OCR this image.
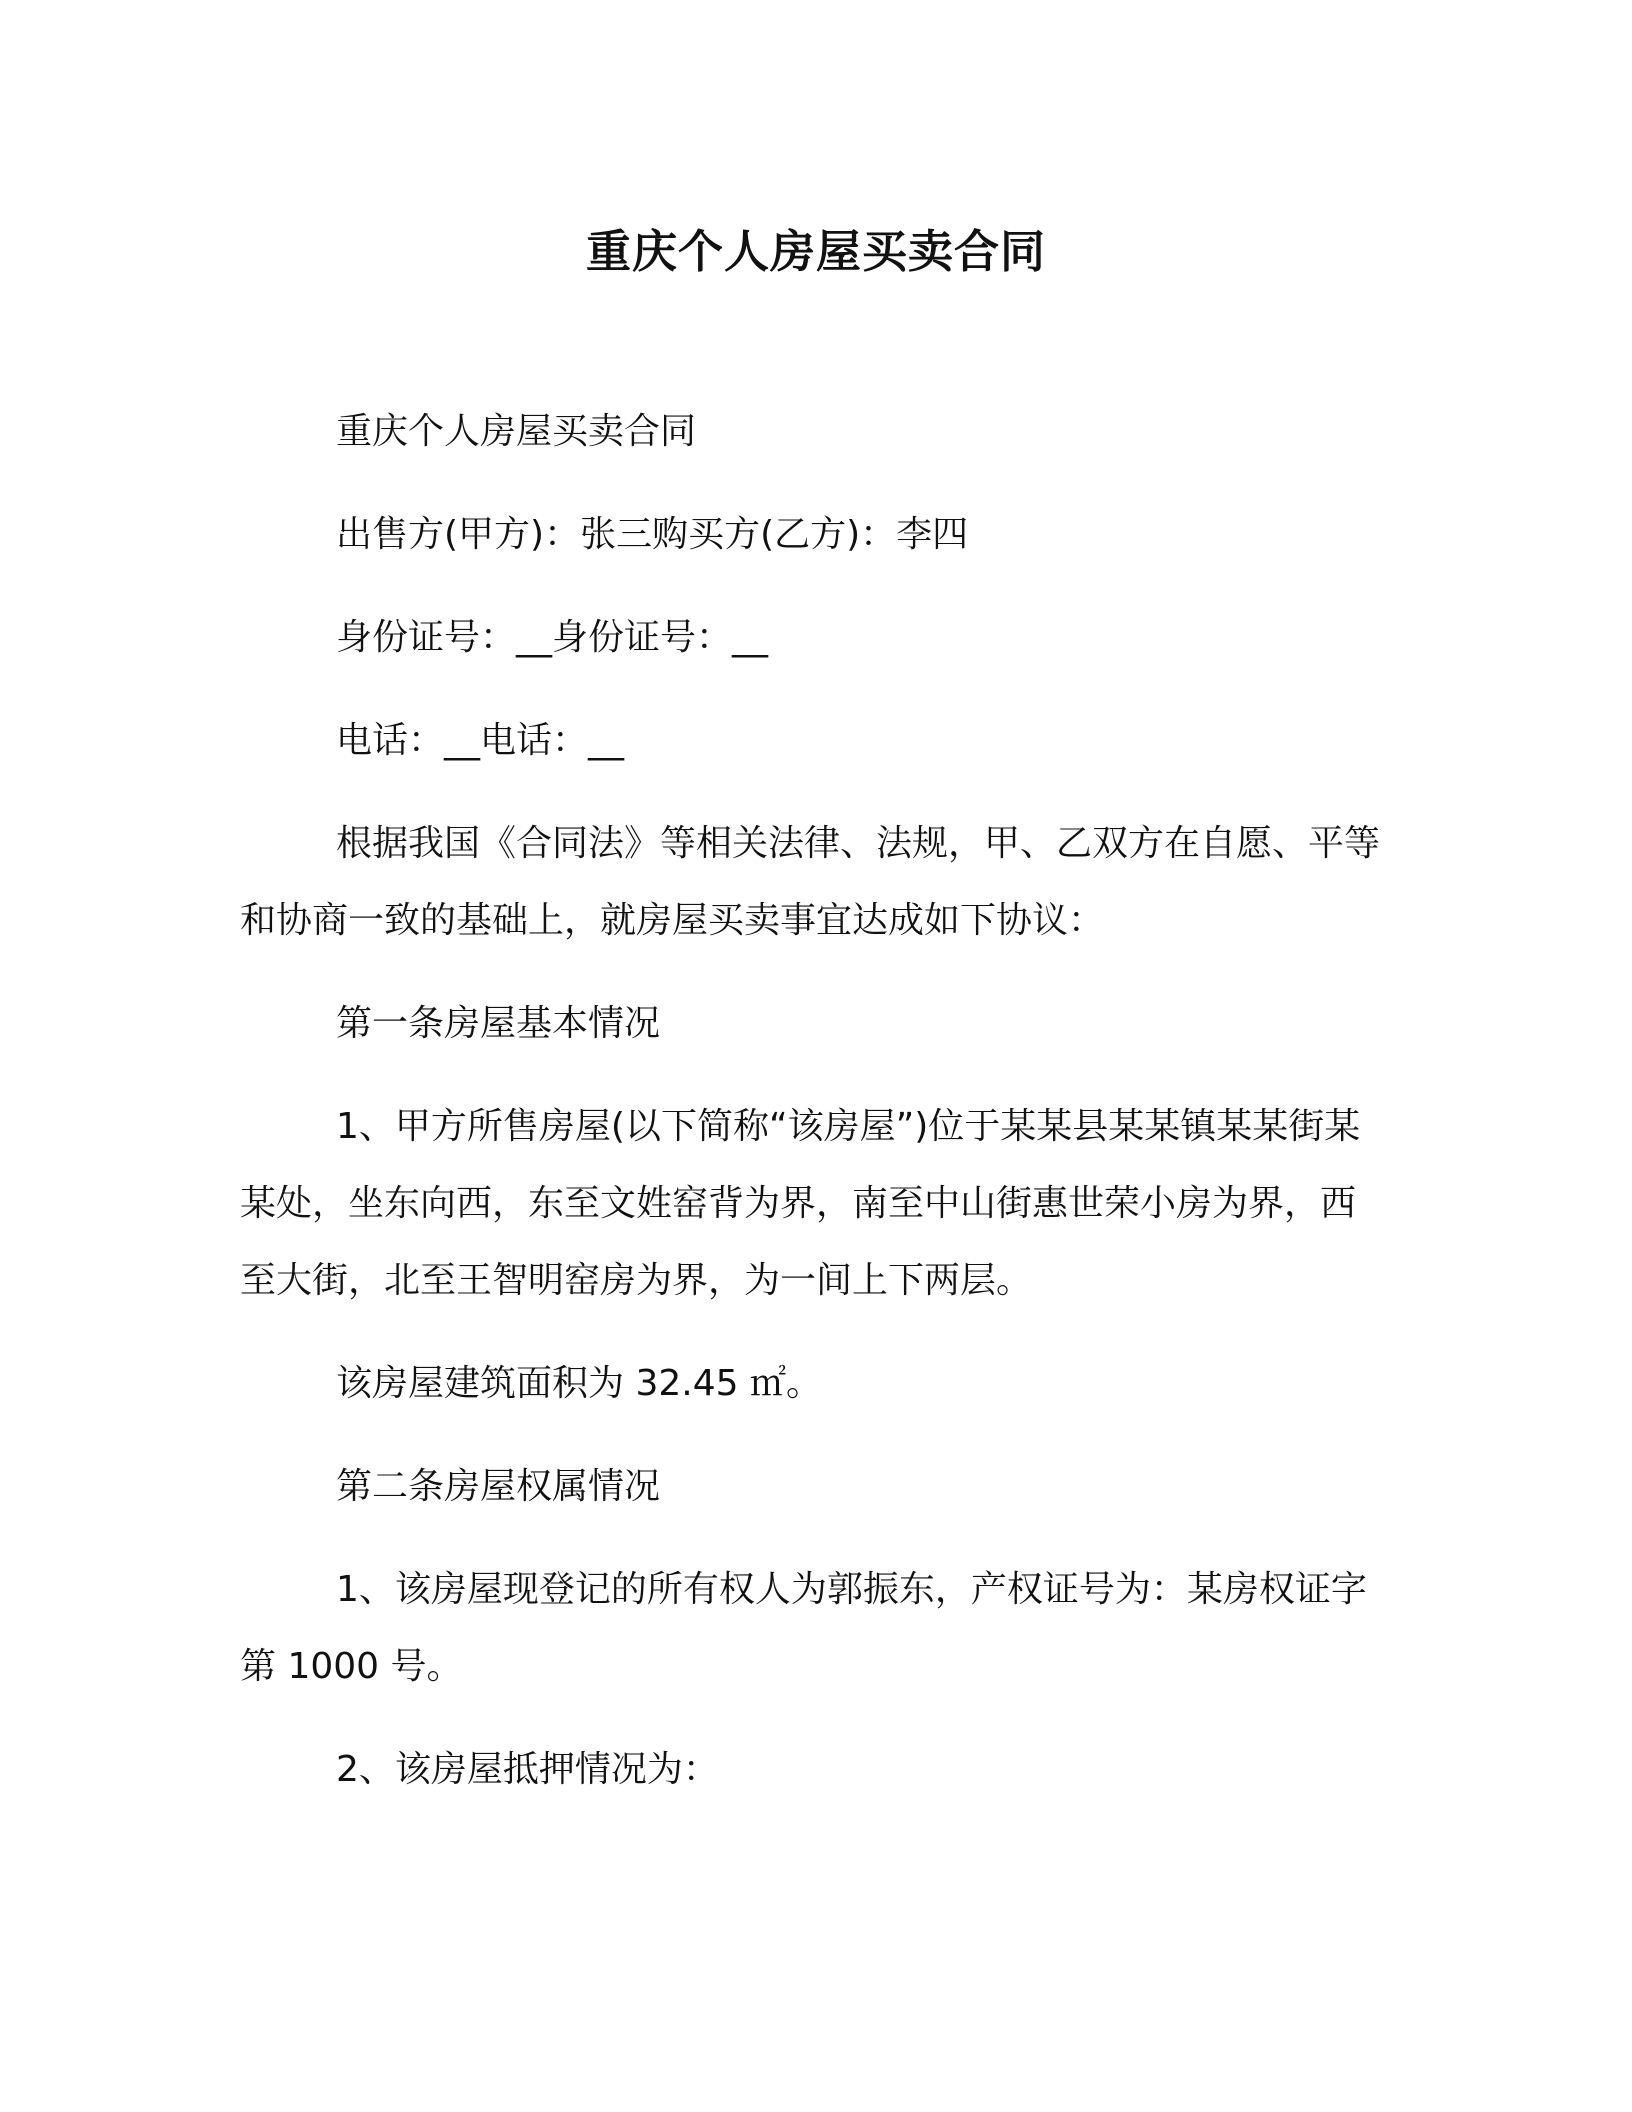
重庆个人房屋买卖合同

重庆个人房屋买卖合同

出售方(甲方)：张三购买方(乙方)：李四

身份证号：__身份证号：__

电话：__电话：__

根据我国《合同法》等相关法律、法规，甲、乙双方在自愿、平等和协商一致的基础上，就房屋买卖事宜达成如下协议：

第一条房屋基本情况

1、甲方所售房屋(以下简称“该房屋”)位于某某县某某镇某某街某某处，坐东向西，东至文姓窑背为界，南至中山街惠世荣小房为界，西至大街，北至王智明窑房为界，为一间上下两层。

该房屋建筑面积为 32.45 ㎡。

第二条房屋权属情况

1、该房屋现登记的所有权人为郭振东，产权证号为：某房权证字第 1000 号。

2、该房屋抵押情况为：
